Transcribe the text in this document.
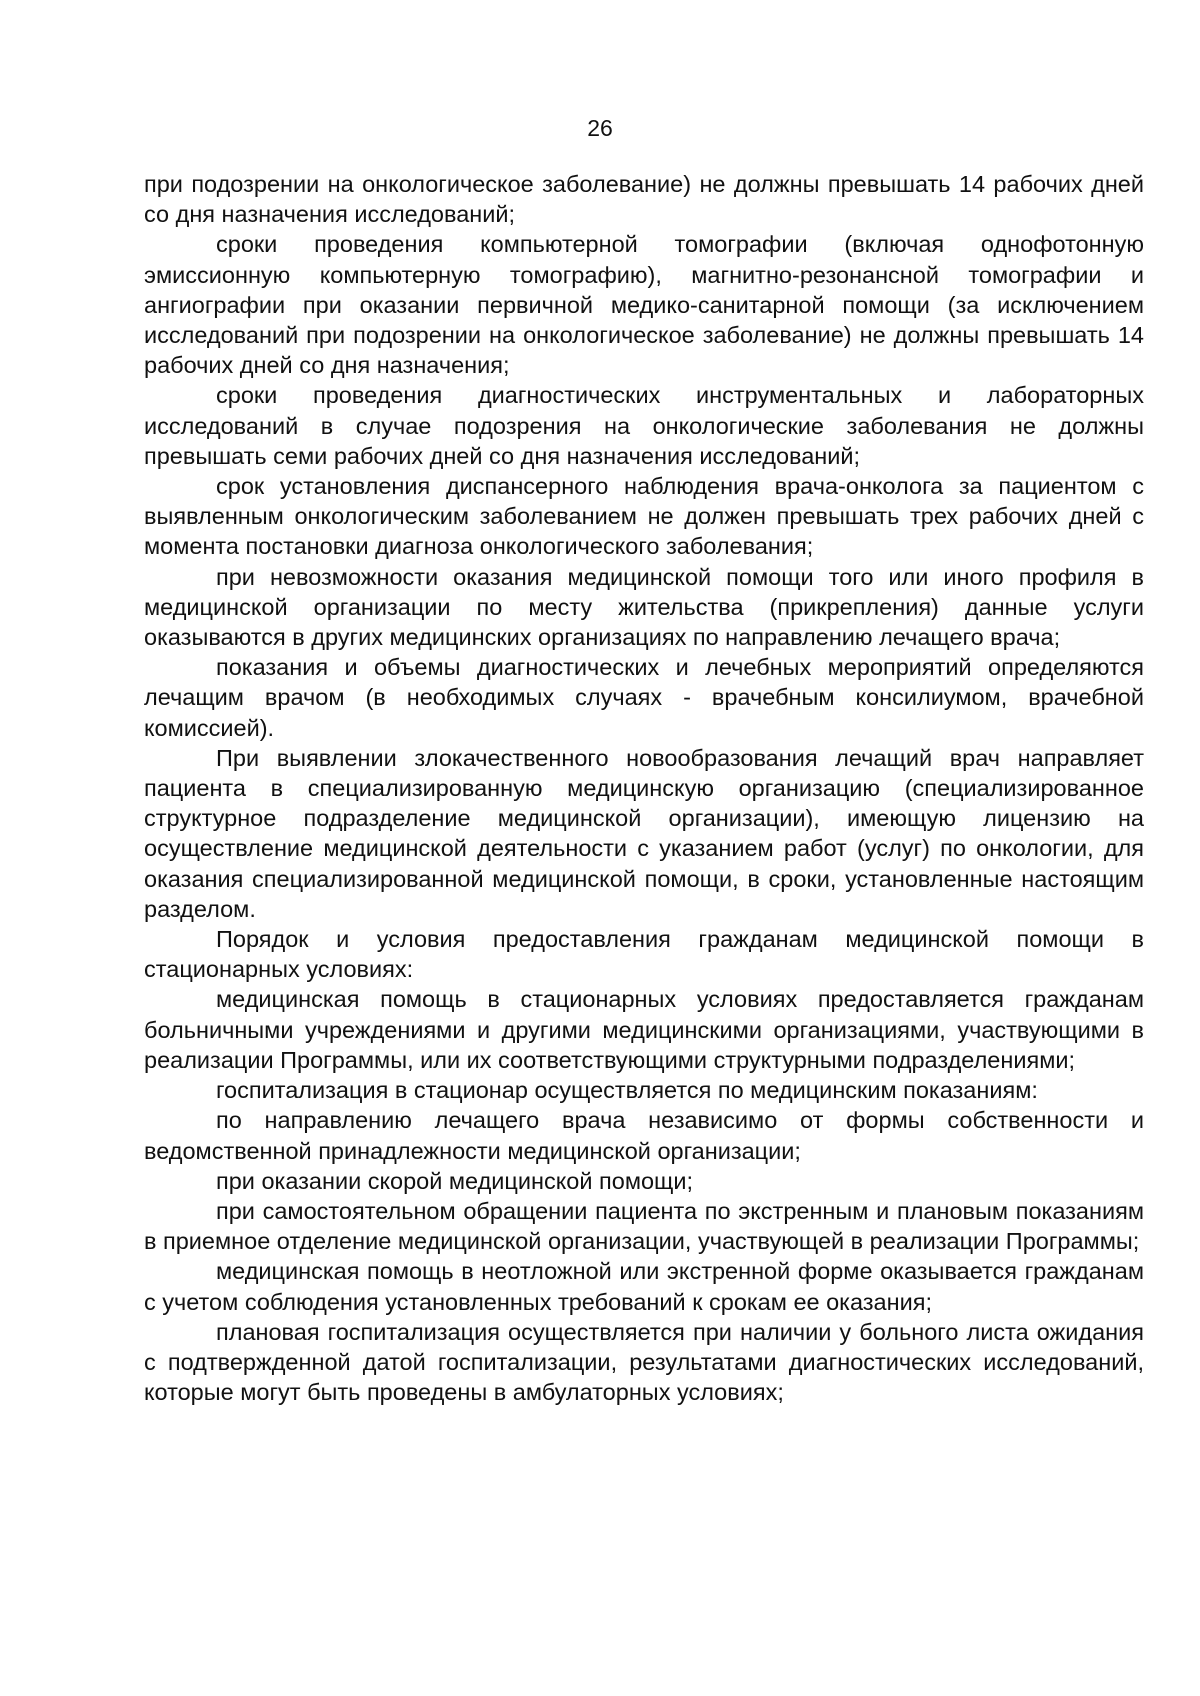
26

при подозрении на онкологическое заболевание) не должны превышать 14 рабочих дней со дня назначения исследований;

сроки проведения компьютерной томографии (включая однофотонную эмиссионную компьютерную томографию), магнитно-резонансной томографии и ангиографии при оказании первичной медико-санитарной помощи (за исключением исследований при подозрении на онкологическое заболевание) не должны превышать 14 рабочих дней со дня назначения;

сроки проведения диагностических инструментальных и лабораторных исследований в случае подозрения на онкологические заболевания не должны превышать семи рабочих дней со дня назначения исследований;

срок установления диспансерного наблюдения врача-онколога за пациентом с выявленным онкологическим заболеванием не должен превышать трех рабочих дней с момента постановки диагноза онкологического заболевания;

при невозможности оказания медицинской помощи того или иного профиля в медицинской организации по месту жительства (прикрепления) данные услуги оказываются в других медицинских организациях по направлению лечащего врача;

показания и объемы диагностических и лечебных мероприятий определяются лечащим врачом (в необходимых случаях - врачебным консилиумом, врачебной комиссией).

При выявлении злокачественного новообразования лечащий врач направляет пациента в специализированную медицинскую организацию (специализированное структурное подразделение медицинской организации), имеющую лицензию на осуществление медицинской деятельности с указанием работ (услуг) по онкологии, для оказания специализированной медицинской помощи, в сроки, установленные настоящим разделом.

Порядок и условия предоставления гражданам медицинской помощи в стационарных условиях:

медицинская помощь в стационарных условиях предоставляется гражданам больничными учреждениями и другими медицинскими организациями, участвующими в реализации Программы, или их соответствующими структурными подразделениями;

госпитализация в стационар осуществляется по медицинским показаниям:

по направлению лечащего врача независимо от формы собственности и ведомственной принадлежности медицинской организации;

при оказании скорой медицинской помощи;

при самостоятельном обращении пациента по экстренным и плановым показаниям в приемное отделение медицинской организации, участвующей в реализации Программы;

медицинская помощь в неотложной или экстренной форме оказывается гражданам с учетом соблюдения установленных требований к срокам ее оказания;

плановая госпитализация осуществляется при наличии у больного листа ожидания с подтвержденной датой госпитализации, результатами диагностических исследований, которые могут быть проведены в амбулаторных условиях;
